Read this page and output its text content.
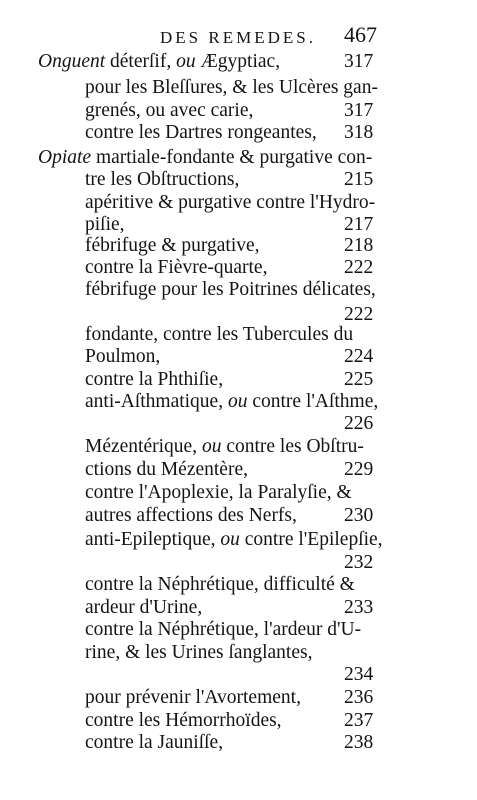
DES REMEDES. 467
Onguent déterſif, ou Ægyptiac,	317
pour les Bleſſures, & les Ulcères gan-
grenés, ou avec carie,	317
contre les Dartres rongeantes, 318
Opiate martiale-fondante & purgative con-
tre les Obſtructions,	215
apéritive & purgative contre l'Hydro-
piſie,	217
fébrifuge & purgative,	218
contre la Fièvre-quarte,	222
fébrifuge pour les Poitrines délicates,
222
fondante, contre les Tubercules du
Poulmon,	224
contre la Phthiſie,	225
anti-Aſthmatique, ou contre l'Aſthme,
226
Mézentérique, ou contre les Obſtru-
ctions du Mézentère,	229
contre l'Apoplexie, la Paralyſie, &
autres affections des Nerfs, 230
anti-Epileptique, ou contre l'Epilepſie,
232
contre la Néphrétique, difficulté &
ardeur d'Urine,	233
contre la Néphrétique, l'ardeur d'U-
rine, & les Urines ſanglantes,
234
pour prévenir l'Avortement, 236
contre les Hémorrhoïdes,	237
contre la Jauniſſe,	238
